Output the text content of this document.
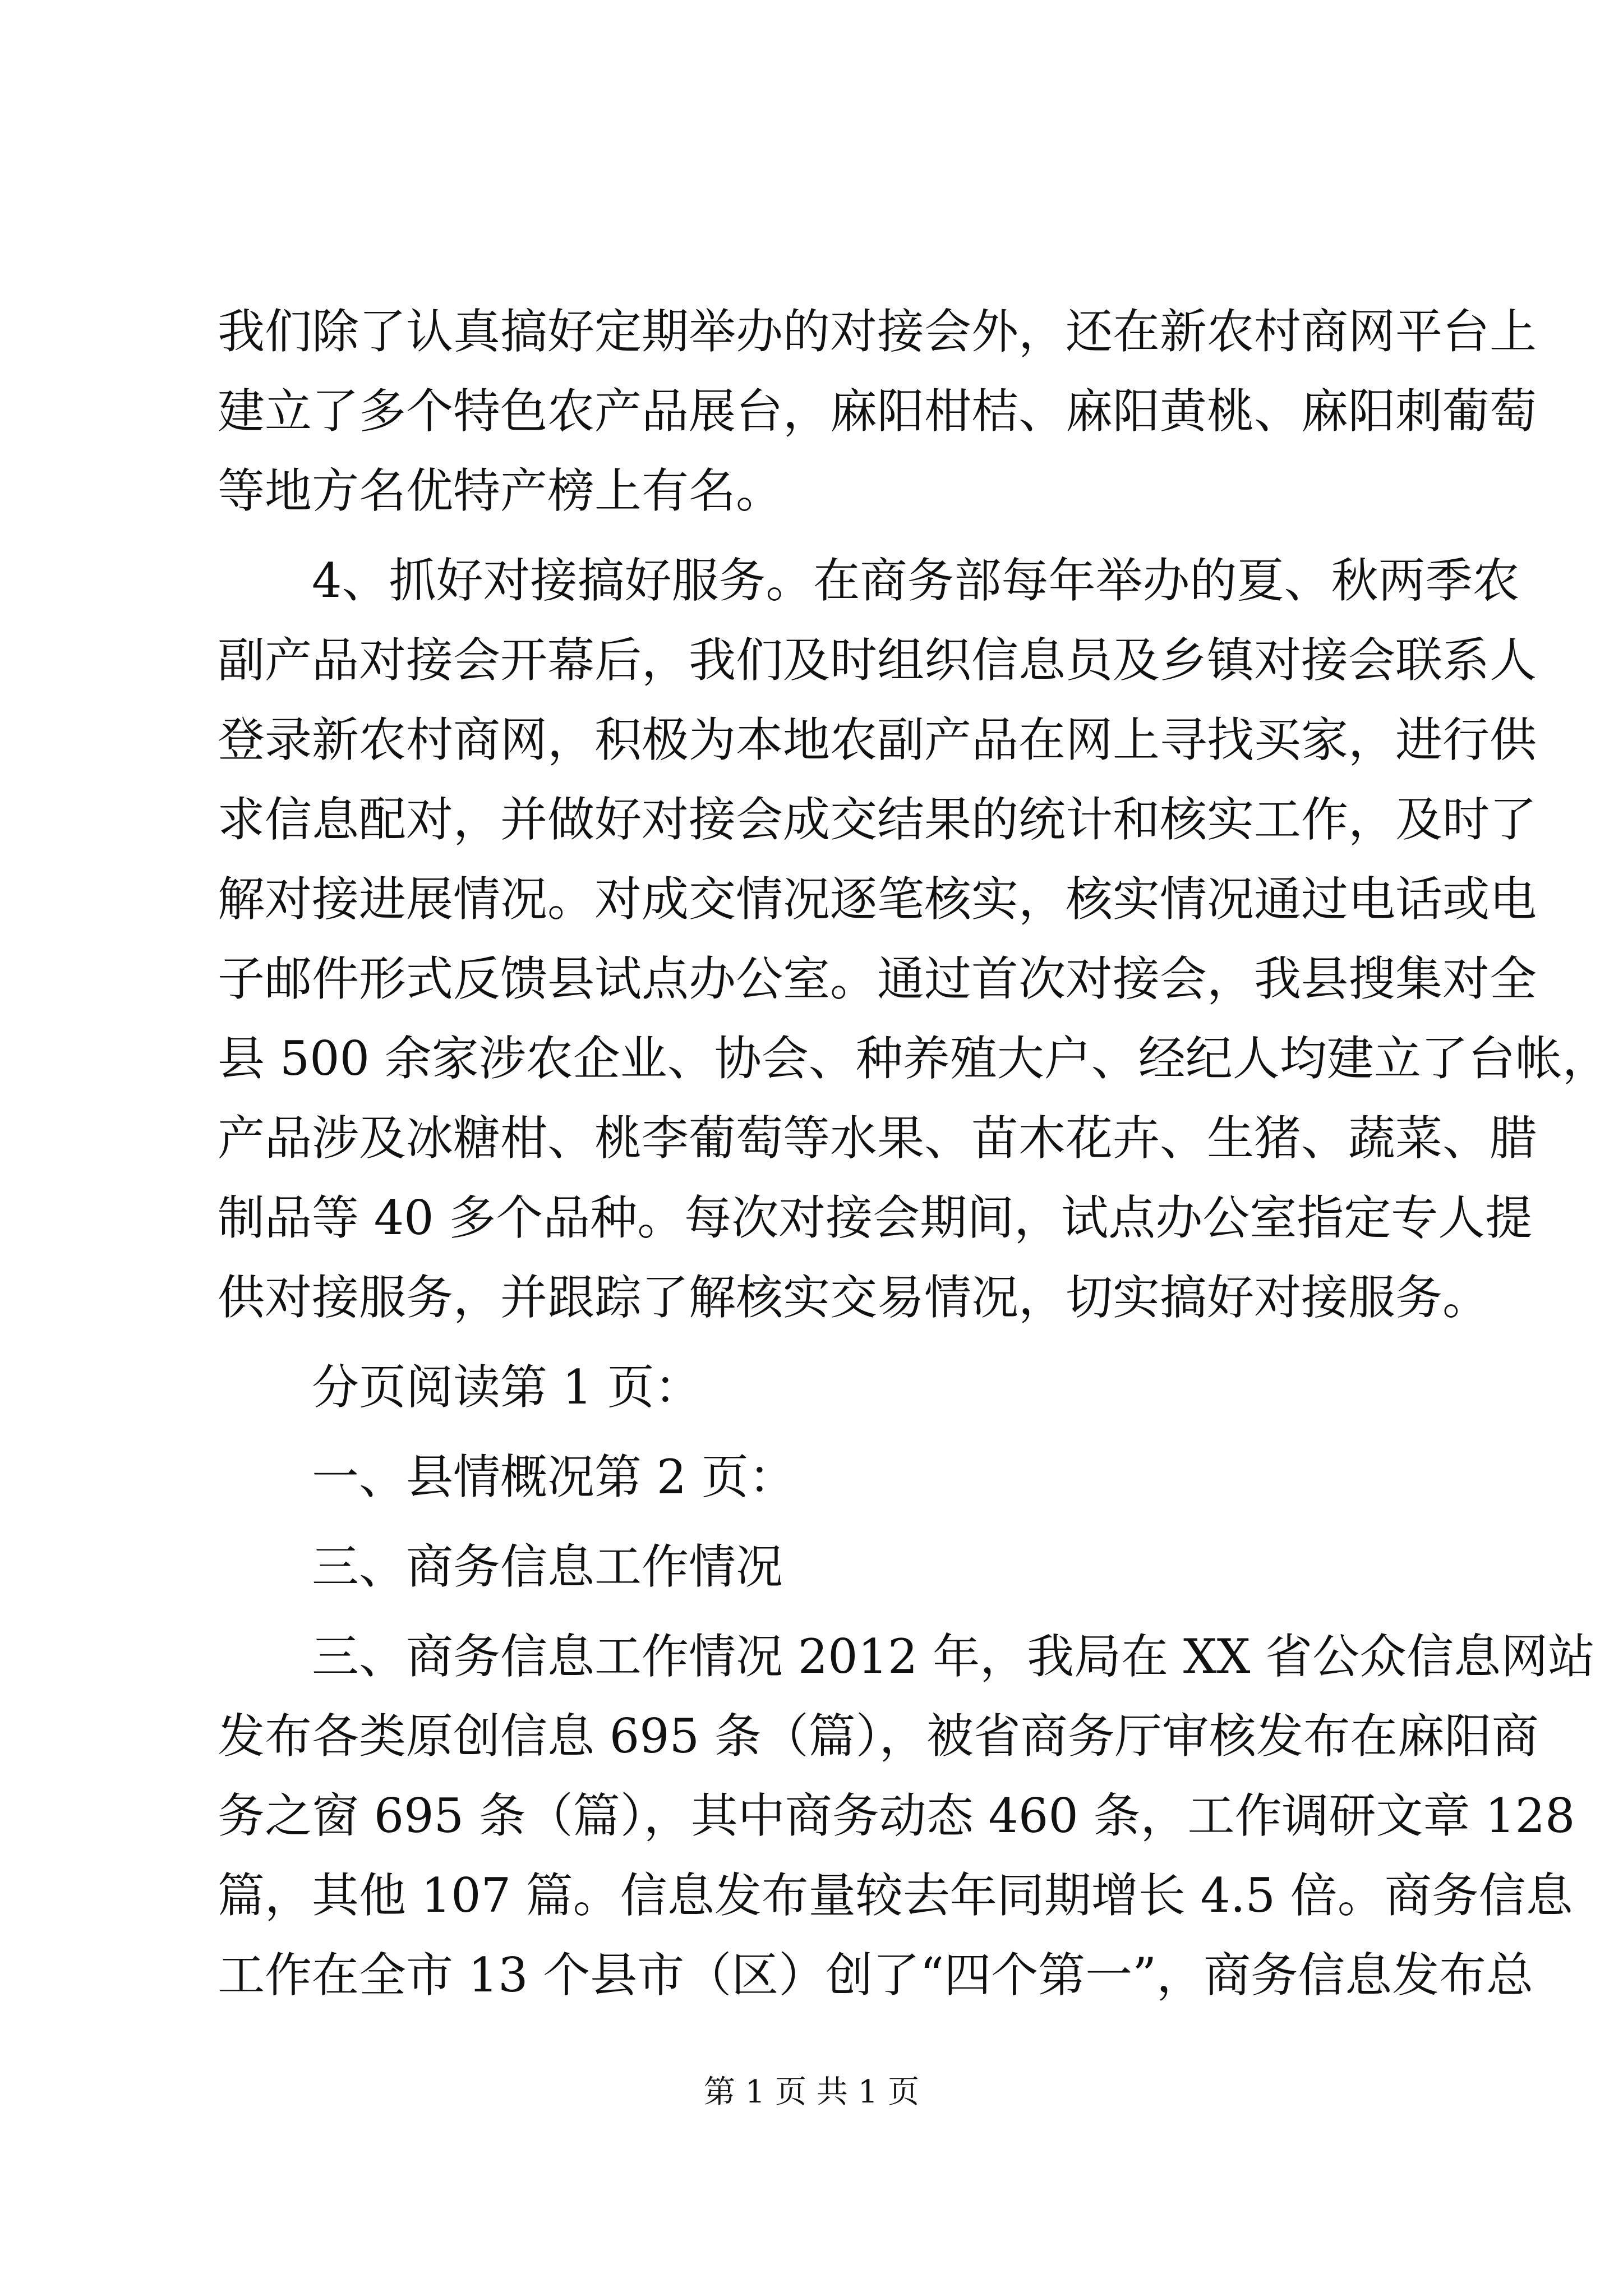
我们除了认真搞好定期举办的对接会外，还在新农村商网平台上
建立了多个特色农产品展台，麻阳柑桔、麻阳黄桃、麻阳刺葡萄
等地方名优特产榜上有名。
4、抓好对接搞好服务。在商务部每年举办的夏、秋两季农
副产品对接会开幕后，我们及时组织信息员及乡镇对接会联系人
登录新农村商网，积极为本地农副产品在网上寻找买家，进行供
求信息配对，并做好对接会成交结果的统计和核实工作，及时了
解对接进展情况。对成交情况逐笔核实，核实情况通过电话或电
子邮件形式反馈县试点办公室。通过首次对接会，我县搜集对全
县 500 余家涉农企业、协会、种养殖大户、经纪人均建立了台帐，
产品涉及冰糖柑、桃李葡萄等水果、苗木花卉、生猪、蔬菜、腊
制品等 40 多个品种。每次对接会期间，试点办公室指定专人提
供对接服务，并跟踪了解核实交易情况，切实搞好对接服务。
分页阅读第 1 页：
一、县情概况第 2 页：
三、商务信息工作情况
三、商务信息工作情况 2012 年，我局在 XX 省公众信息网站
发布各类原创信息 695 条（篇），被省商务厅审核发布在麻阳商
务之窗 695 条（篇），其中商务动态 460 条，工作调研文章 128
篇，其他 107 篇。信息发布量较去年同期增长 4.5 倍。商务信息
工作在全市 13 个县市（区）创了“四个第一”，商务信息发布总
第 1 页 共 1 页
